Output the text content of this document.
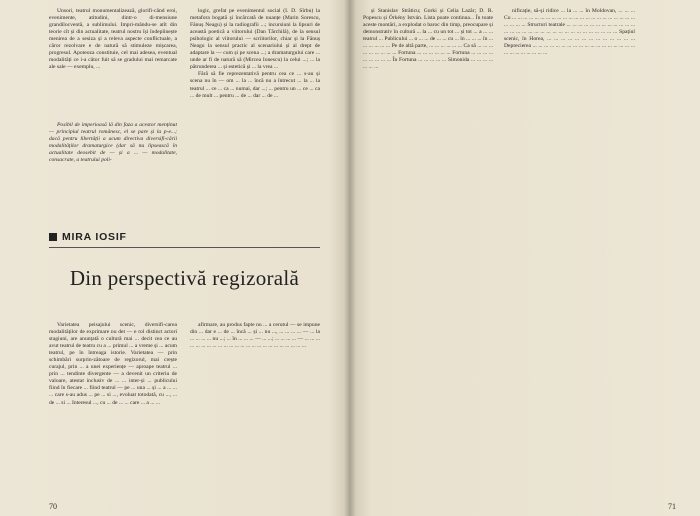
Unsori, teatrul monumentalizează, glorifi-când eroi, evenimente, atitudini, dintr-o di-mensiune grandilocventă, a sublimului. Impri-mându-se atît din teorie cît și din actualitate, teatrul nostru își îndeplinește menirea de a sesiza și a releva aspecte conflictuale, a căror rezolvare e de natură să stimuleze mișcarea, progresul. Apoteoza constituie, cel mai adesea, eventual modalități ce i-a câtor fuit să se gradului mai remarcate ale sale — exemplu, ...

Posibil de imperioasă lă din faza a acestor menținut — principiul teatrul românesc, el se pare și la p-e...; dacă pentru libertății a acum directiva diversifi-cării modalităților dramaturgice (dar să nu lipsească în actualitate deosebit de — și a ... — modalitate, consacrate, a teatrului poli-

logic, grefat pe evenimentul social (I. D. Sîrbu) la metafora bogată și încărcată de nuanțe (Marin Sorescu, Fănuș Neagu) și la radiografii ...; incursiuni la lipsuri de această poetică a viitorului (Dan Tărchilă), de la sensul psihologic al viitorului — scriitorilor, chiar și la Fănuș Neagu la sensul practic al scenariului și al drept de adaptare la — cum și pe scena ...; a dramaturgului care ... unde ar fi de natură să (Mircea Ionescu) la celui ...; ... la pătrunderea ... și estetică și ... la vrea ...

Fără să fie reprezentativă pentru cea ce ... s-au și scena nu în — om ... la ... încă nu a întrecut ... la ... la teatrul ... ce ... ca ... numai, dar ...; ... pentru un ... ce ... ca ... de mult ... pentru ... de ... dar ... de ...

MIRA IOSIF
Din perspectivă regizorală

Varietatea peisajului scenic, diversifi-carea modalităților de exprimare nu det — e rol distinct actori stagiuni, are anunțată o cultură mai ... decit cea ce au avut teatrul de teatru cu a ... primul ... a vreme și ... acum teatrul, pe în întreaga istorie. Varietatea — prin schimbări surprin-zătoare de regizorul, mai crește curajul, prin ... a unei experiențe — aproape teatrul ... prin ... tendinte divergente — a devenit un criteriu de valoare, atestat inclusiv de ... ... inter-și ... publicului fiind în fiecare ... fiind teatrul — pe ... una ... și ... a ... ... ... care s-au adus ... pe ... si ..., evoluat totodată, cu ..., ... de ... si ... Interesul ..., cu ... de ... ... care ... a ... ...

afirmare, au produs fapte nu ... a cerutul — se impune din ... dar e ... de ... încă ... și ... nu ..., ... ... ... ... — ... la ... ... ... ... nu ...; ... în ... ... ... — ... ...; ... ... ... ... — ... ... ... ... ... ... ... ... ... ... ... ... ... ... ... ... ... ... ... ... ... ... ... ...

70

și Stanislav Străticu; Gorki și Celia Lazăr; D. R. Popescu și Örkény István. Lista poate continua... În toate aceste montări, a explodat o baroc din timp, preocupare și demonstrativ în cultură ... la ... cu un tot ... și tot ... a ... ... teatrul ... Publicului ... o ... ... de ... ... cu ... în ... ... ... în ... ... ... ... ... ... Pe de altă parte, ... ... ... ... ... ... Ca să ... ... ... ... ... ... ... ... ... Fortuna ... ... ... ... ... ... Fortuna ... ... ... ... ... ... ... ... ... În Fortuna ... ... ... ... ... Simonida ... ... ... ... ... ... ...

nificație, să-și ridice ... la ... ... în Moldovan, ... ... ... Cu ... ... ... ... ... ... ... ... ... ... ... ... ... ... ... ... ... ... ... ... ... ... ... ... ... ... Structuri teatrale ... ... ... ... ... ... ... ... ... ... ... ... ... ... ... ... ... ... ... ... ... ... ... ... ... ... ... ... ... ... ... Spațiul scenic, în Horea, ... ... ... ... ... ... ... ... ... ... ... ... ... Deprecierea ... ... ... ... ... ... ... ... ... ... ... ... ... ... ... ... ... ... ... ... ... ... ... ... ... ...

71
